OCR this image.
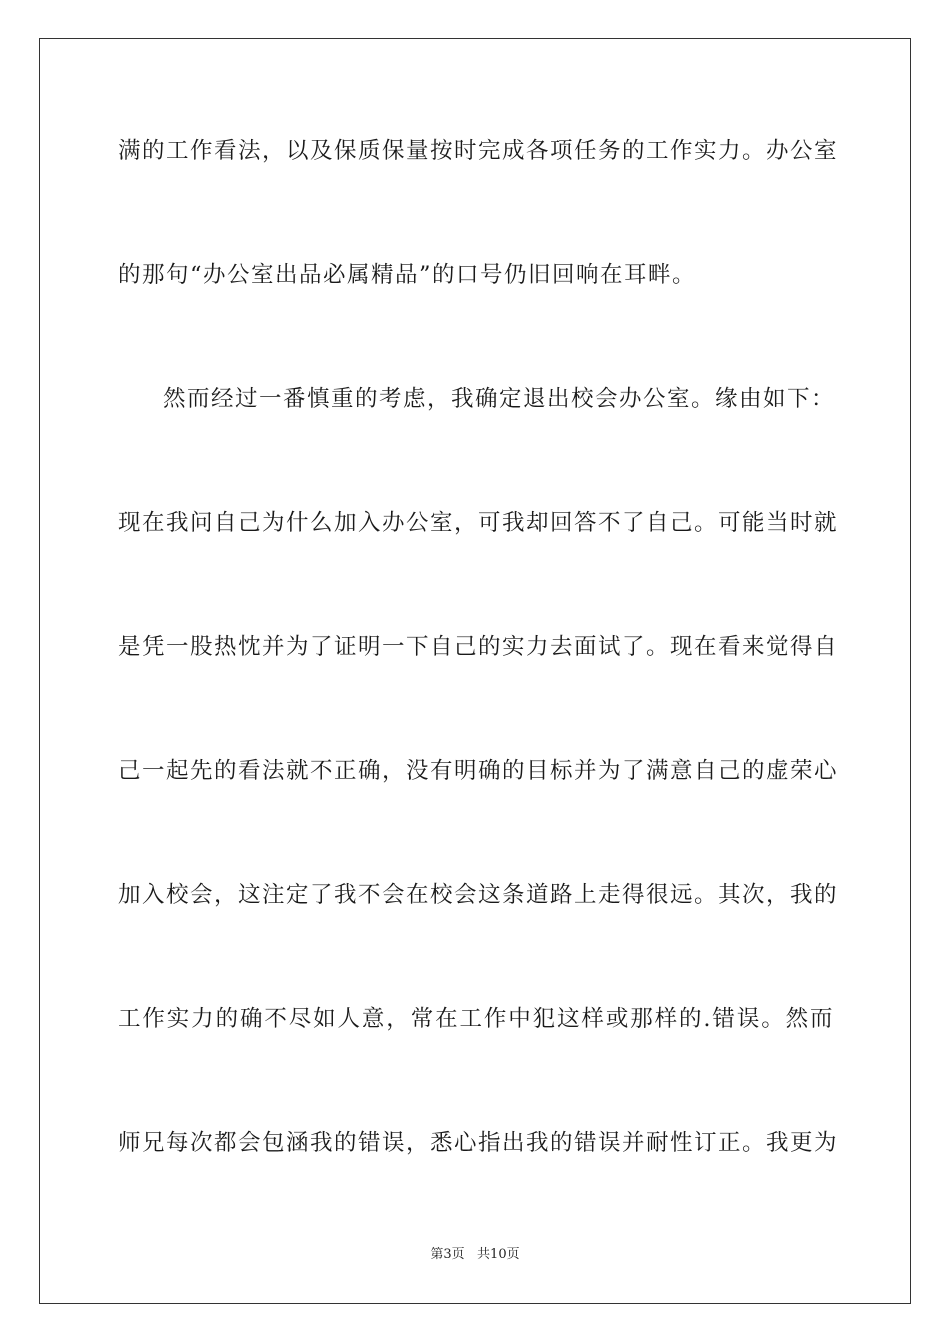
满的工作看法，以及保质保量按时完成各项任务的工作实力。办公室
的那句“办公室出品必属精品”的口号仍旧回响在耳畔。
然而经过一番慎重的考虑，我确定退出校会办公室。缘由如下：
现在我问自己为什么加入办公室，可我却回答不了自己。可能当时就
是凭一股热忱并为了证明一下自己的实力去面试了。现在看来觉得自
己一起先的看法就不正确，没有明确的目标并为了满意自己的虚荣心
加入校会，这注定了我不会在校会这条道路上走得很远。其次，我的
工作实力的确不尽如人意，常在工作中犯这样或那样的.错误。然而
师兄每次都会包涵我的错误，悉心指出我的错误并耐性订正。我更为
第3页   共10页
